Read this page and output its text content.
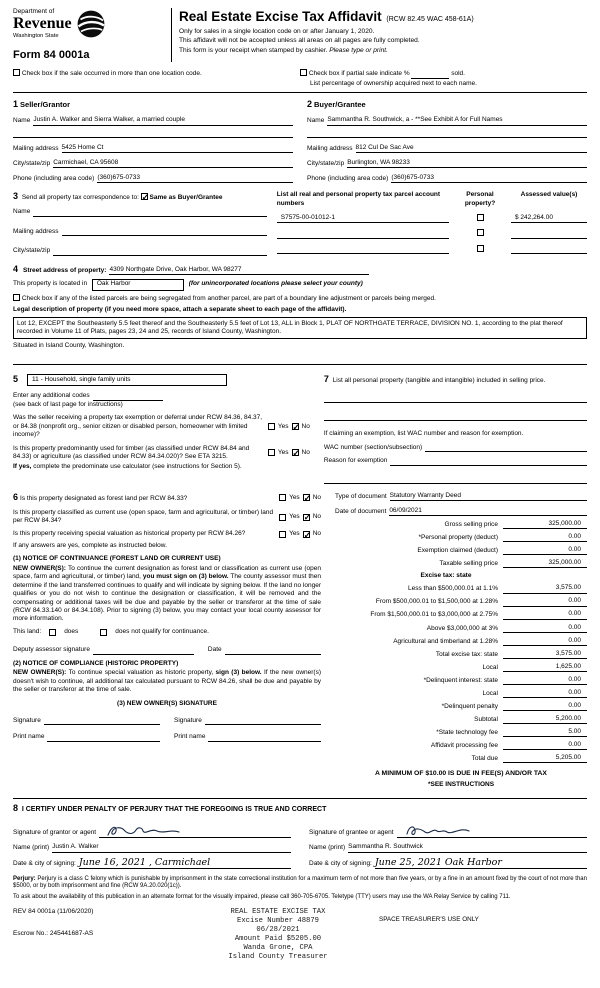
Department of
Revenue
Washington State
Form 84 0001a
Real Estate Excise Tax Affidavit (RCW 82.45 WAC 458-61A)
Only for sales in a single location code on or after January 1, 2020.
This affidavit will not be accepted unless all areas on all pages are fully completed.
This form is your receipt when stamped by cashier. Please type or print.
Check box if the sale occurred in more than one location code.	Check box if partial sale indicate %	sold.
List percentage of ownership acquired next to each name.
1 Seller/Grantor
Name Justin A. Walker and Sierra Walker, a married couple
Mailing address 5425 Home Ct
City/state/zip Carmichael, CA 95608
Phone (including area code) (360)675-0733
2 Buyer/Grantee
Name Sammantha R. Southwick, a - **See Exhibit A for Full Names
Mailing address 812 Cul De Sac Ave
City/state/zip Burlington, WA 98233
Phone (including area code) (360)675-0733
3 Send all property tax correspondence to: ✓ Same as Buyer/Grantee
Name
Mailing address
City/state/zip
List all real and personal property tax parcel account numbers
Personal property?
Assessed value(s)
S7575-00-01012-1	$ 242,264.00
4 Street address of property: 4309 Northgate Drive, Oak Harbor, WA 98277
This property is located in Oak Harbor	(for unincorporated locations please select your county)
Check box if any of the listed parcels are being segregated from another parcel, are part of a boundary line adjustment or parcels being merged.
Legal description of property (if you need more space, attach a separate sheet to each page of the affidavit).
Lot 12, EXCEPT the Southeasterly 5.5 feet thereof and the Southeasterly 5.5 feet of Lot 13, ALL in Block 1, PLAT OF NORTHGATE TERRACE, DIVISION NO. 1, according to the plat thereof recorded in Volume 11 of Plats, pages 23, 24 and 25, records of Island County, Washington.
Situated in Island County, Washington.
5	11 - Household, single family units
Enter any additional codes
(see back of last page for instructions)
Was the seller receiving a property tax exemption or deferral under RCW 84.36, 84.37, or 84.38 (nonprofit org., senior citizen or disabled person, homeowner with limited income)?
Yes ✓ No
Is this property predominantly used for timber (as classified under RCW 84.84 and 84.33) or agriculture (as classified under RCW 84.34.020)? See ETA 3215.
Yes ✓ No
If yes, complete the predominate use calculator (see instructions for Section 5).
7 List all personal property (tangible and intangible) included in selling price.
If claiming an exemption, list WAC number and reason for exemption.
WAC number (section/subsection)
Reason for exemption
6 Is this property designated as forest land per RCW 84.33?	Yes ✓ No
Is this property classified as current use (open space, farm and agricultural, or timber) land per RCW 84.34?
Yes ✓ No
Is this property receiving special valuation as historical property per RCW 84.26?	Yes ✓ No
If any answers are yes, complete as instructed below.
(1) NOTICE OF CONTINUANCE (FOREST LAND OR CURRENT USE)
NEW OWNER(S): To continue the current designation as forest land or classification as current use (open space, farm and agricultural, or timber) land, you must sign on (3) below. The county assessor must then determine if the land transferred continues to qualify and will indicate by signing below. If the land no longer qualifies or you do not wish to continue the designation or classification, it will be removed and the compensating or additional taxes will be due and payable by the seller or transferor at the time of sale (RCW 84.33.140 or 84.34.108). Prior to signing (3) below, you may contact your local county assessor for more information.
This land:	does	does not qualify for continuance.
Deputy assessor signature	Date
(2) NOTICE OF COMPLIANCE (HISTORIC PROPERTY)
NEW OWNER(S): To continue special valuation as historic property, sign (3) below. If the new owner(s) doesn't wish to continue, all additional tax calculated pursuant to RCW 84.26, shall be due and payable by the seller or transferor at the time of sale.
(3) NEW OWNER(S) SIGNATURE
Signature	Signature
Print name	Print name
Type of document Statutory Warranty Deed
Date of document 06/09/2021
Gross selling price	325,000.00
*Personal property (deduct)	0.00
Exemption claimed (deduct)	0.00
Taxable selling price	325,000.00
Excise tax: state
Less than $500,000.01 at 1.1%	3,575.00
From $500,000.01 to $1,500,000 at 1.28%	0.00
From $1,500,000.01 to $3,000,000 at 2.75%	0.00
Above $3,000,000 at 3%	0.00
Agricultural and timberland at 1.28%	0.00
Total excise tax: state	3,575.00
Local	1,625.00
*Delinquent interest: state	0.00
Local	0.00
*Delinquent penalty	0.00
Subtotal	5,200.00
*State technology fee	5.00
Affidavit processing fee	0.00
Total due	5,205.00
A MINIMUM OF $10.00 IS DUE IN FEE(S) AND/OR TAX
*SEE INSTRUCTIONS
8 I CERTIFY UNDER PENALTY OF PERJURY THAT THE FOREGOING IS TRUE AND CORRECT
Signature of grantor or agent
Name (print) Justin A. Walker
Date & city of signing: June 16, 2021 , Carmichael
Signature of grantee or agent
Name (print) Sammantha R. Southwick
Date & city of signing: June 25, 2021 Oak Harbor
Perjury: Perjury is a class C felony which is punishable by imprisonment in the state correctional institution for a maximum term of not more than five years, or by a fine in an amount fixed by the court of not more than $5000, or by both imprisonment and fine (RCW 9A.20.020(1c)).
To ask about the availability of this publication in an alternate format for the visually impaired, please call 360-705-6705. Teletype (TTY) users may use the WA Relay Service by calling 711.
REV 84 0001a (11/06/2020)
Escrow No.: 245441687-AS
REAL ESTATE EXCISE TAX
Excise Number 48879
06/28/2021
Amount Paid $5205.00
Wanda Grone, CPA
Island County Treasurer
SPACE TREASURER'S USE ONLY
